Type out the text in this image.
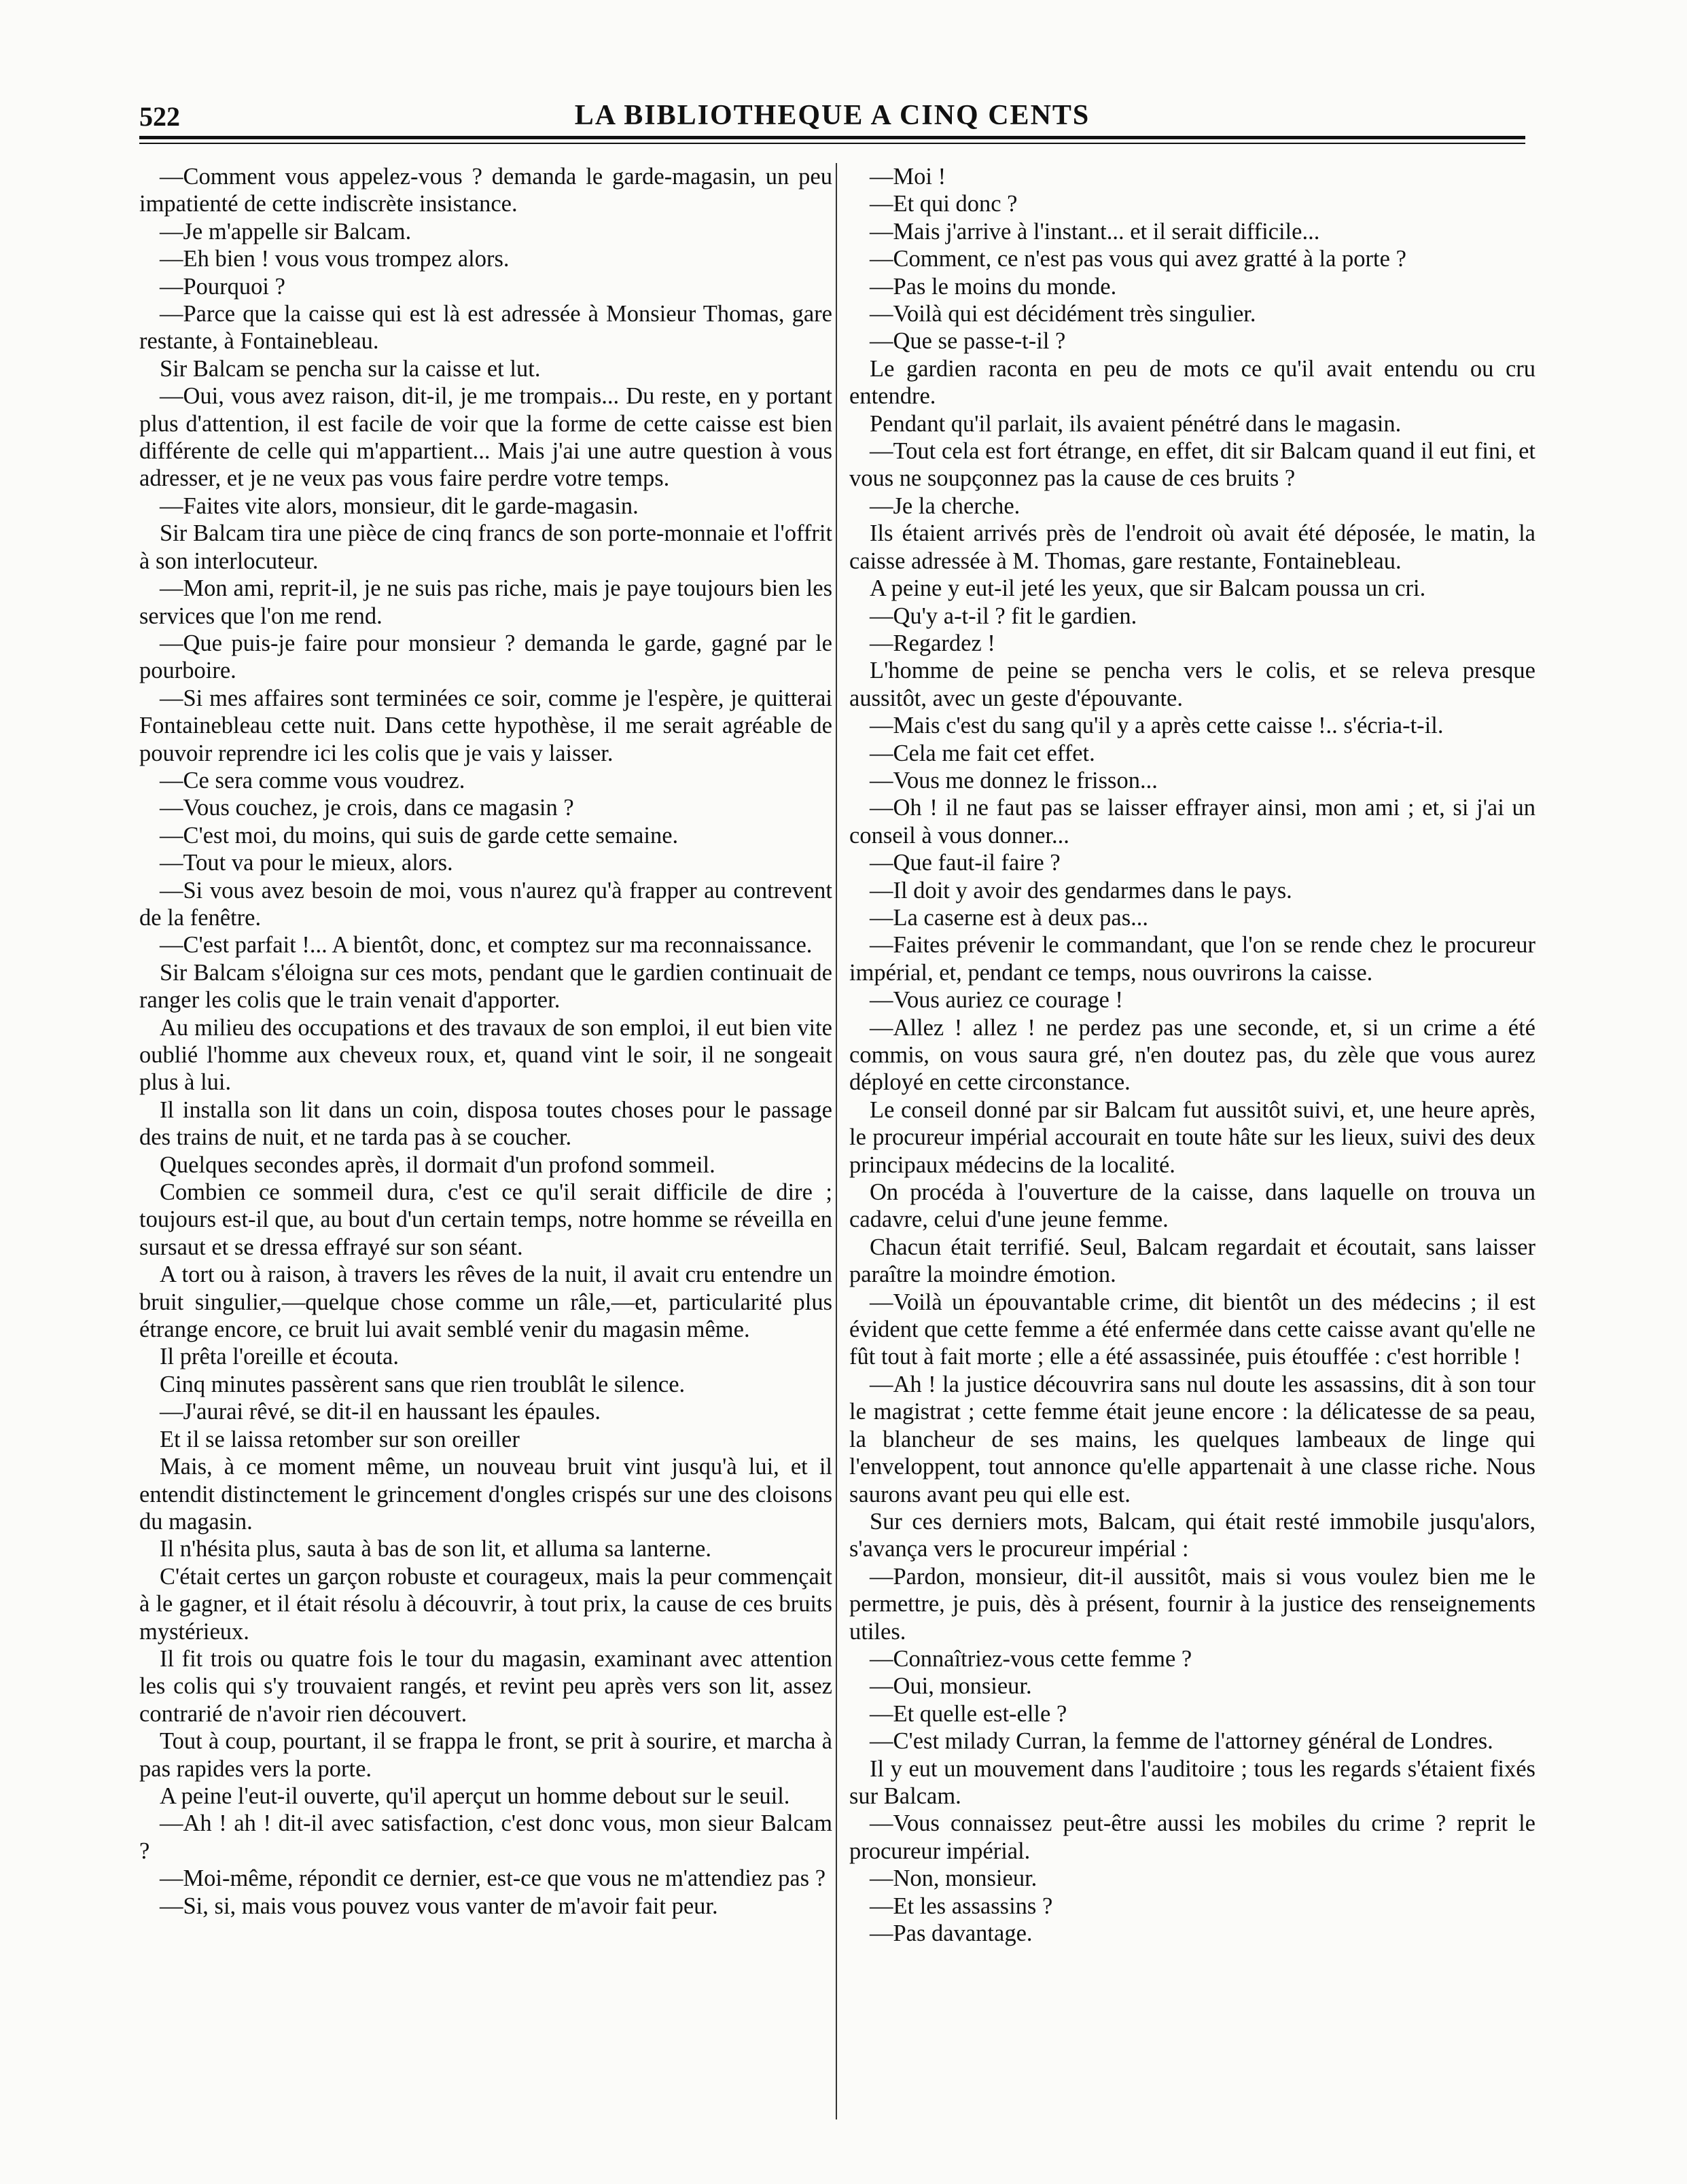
522	LA BIBLIOTHEQUE A CINQ CENTS

—Comment vous appelez-vous ? demanda le garde-magasin, un peu impatienté de cette indiscrète insistance.

—Je m'appelle sir Balcam.

—Eh bien ! vous vous trompez alors.

—Pourquoi ?

—Parce que la caisse qui est là est adressée à Monsieur Thomas, gare restante, à Fontainebleau.

Sir Balcam se pencha sur la caisse et lut.

—Oui, vous avez raison, dit-il, je me trompais... Du reste, en y portant plus d'attention, il est facile de voir que la forme de cette caisse est bien différente de celle qui m'appartient... Mais j'ai une autre question à vous adresser, et je ne veux pas vous faire perdre votre temps.

—Faites vite alors, monsieur, dit le garde-magasin.

Sir Balcam tira une pièce de cinq francs de son porte-monnaie et l'offrit à son interlocuteur.

—Mon ami, reprit-il, je ne suis pas riche, mais je paye toujours bien les services que l'on me rend.

—Que puis-je faire pour monsieur ? demanda le garde, gagné par le pourboire.

—Si mes affaires sont terminées ce soir, comme je l'espère, je quitterai Fontainebleau cette nuit. Dans cette hypothèse, il me serait agréable de pouvoir reprendre ici les colis que je vais y laisser.

—Ce sera comme vous voudrez.

—Vous couchez, je crois, dans ce magasin ?

—C'est moi, du moins, qui suis de garde cette semaine.

—Tout va pour le mieux, alors.

—Si vous avez besoin de moi, vous n'aurez qu'à frapper au contrevent de la fenêtre.

—C'est parfait !... A bientôt, donc, et comptez sur ma reconnaissance.

Sir Balcam s'éloigna sur ces mots, pendant que le gardien continuait de ranger les colis que le train venait d'apporter.

Au milieu des occupations et des travaux de son emploi, il eut bien vite oublié l'homme aux cheveux roux, et, quand vint le soir, il ne songeait plus à lui.

Il installa son lit dans un coin, disposa toutes choses pour le passage des trains de nuit, et ne tarda pas à se coucher.

Quelques secondes après, il dormait d'un profond sommeil.

Combien ce sommeil dura, c'est ce qu'il serait difficile de dire ; toujours est-il que, au bout d'un certain temps, notre homme se réveilla en sursaut et se dressa effrayé sur son séant.

A tort ou à raison, à travers les rêves de la nuit, il avait cru entendre un bruit singulier,—quelque chose comme un râle,—et, particularité plus étrange encore, ce bruit lui avait semblé venir du magasin même.

Il prêta l'oreille et écouta.

Cinq minutes passèrent sans que rien troublât le silence.

—J'aurai rêvé, se dit-il en haussant les épaules.

Et il se laissa retomber sur son oreiller

Mais, à ce moment même, un nouveau bruit vint jusqu'à lui, et il entendit distinctement le grincement d'ongles crispés sur une des cloisons du magasin.

Il n'hésita plus, sauta à bas de son lit, et alluma sa lanterne.

C'était certes un garçon robuste et courageux, mais la peur commençait à le gagner, et il était résolu à découvrir, à tout prix, la cause de ces bruits mystérieux.

Il fit trois ou quatre fois le tour du magasin, examinant avec attention les colis qui s'y trouvaient rangés, et revint peu après vers son lit, assez contrarié de n'avoir rien découvert.

Tout à coup, pourtant, il se frappa le front, se prit à sourire, et marcha à pas rapides vers la porte.

A peine l'eut-il ouverte, qu'il aperçut un homme debout sur le seuil.

—Ah ! ah ! dit-il avec satisfaction, c'est donc vous, mon sieur Balcam ?

—Moi-même, répondit ce dernier, est-ce que vous ne m'attendiez pas ?

—Si, si, mais vous pouvez vous vanter de m'avoir fait peur.

—Moi !

—Et qui donc ?

—Mais j'arrive à l'instant... et il serait difficile...

—Comment, ce n'est pas vous qui avez gratté à la porte ?

—Pas le moins du monde.

—Voilà qui est décidément très singulier.

—Que se passe-t-il ?

Le gardien raconta en peu de mots ce qu'il avait entendu ou cru entendre.

Pendant qu'il parlait, ils avaient pénétré dans le magasin.

—Tout cela est fort étrange, en effet, dit sir Balcam quand il eut fini, et vous ne soupçonnez pas la cause de ces bruits ?

—Je la cherche.

Ils étaient arrivés près de l'endroit où avait été déposée, le matin, la caisse adressée à M. Thomas, gare restante, Fontainebleau.

A peine y eut-il jeté les yeux, que sir Balcam poussa un cri.

—Qu'y a-t-il ? fit le gardien.

—Regardez !

L'homme de peine se pencha vers le colis, et se releva presque aussitôt, avec un geste d'épouvante.

—Mais c'est du sang qu'il y a après cette caisse !.. s'écria-t-il.

—Cela me fait cet effet.

—Vous me donnez le frisson...

—Oh ! il ne faut pas se laisser effrayer ainsi, mon ami ; et, si j'ai un conseil à vous donner...

—Que faut-il faire ?

—Il doit y avoir des gendarmes dans le pays.

—La caserne est à deux pas...

—Faites prévenir le commandant, que l'on se rende chez le procureur impérial, et, pendant ce temps, nous ouvrirons la caisse.

—Vous auriez ce courage !

—Allez ! allez ! ne perdez pas une seconde, et, si un crime a été commis, on vous saura gré, n'en doutez pas, du zèle que vous aurez déployé en cette circonstance.

Le conseil donné par sir Balcam fut aussitôt suivi, et, une heure après, le procureur impérial accourait en toute hâte sur les lieux, suivi des deux principaux médecins de la localité.

On procéda à l'ouverture de la caisse, dans laquelle on trouva un cadavre, celui d'une jeune femme.

Chacun était terrifié. Seul, Balcam regardait et écoutait, sans laisser paraître la moindre émotion.

—Voilà un épouvantable crime, dit bientôt un des médecins ; il est évident que cette femme a été enfermée dans cette caisse avant qu'elle ne fût tout à fait morte ; elle a été assassinée, puis étouffée : c'est horrible !

—Ah ! la justice découvrira sans nul doute les assassins, dit à son tour le magistrat ; cette femme était jeune encore : la délicatesse de sa peau, la blancheur de ses mains, les quelques lambeaux de linge qui l'enveloppent, tout annonce qu'elle appartenait à une classe riche. Nous saurons avant peu qui elle est.

Sur ces derniers mots, Balcam, qui était resté immobile jusqu'alors, s'avança vers le procureur impérial :

—Pardon, monsieur, dit-il aussitôt, mais si vous voulez bien me le permettre, je puis, dès à présent, fournir à la justice des renseignements utiles.

—Connaîtriez-vous cette femme ?

—Oui, monsieur.

—Et quelle est-elle ?

—C'est milady Curran, la femme de l'attorney général de Londres.

Il y eut un mouvement dans l'auditoire ; tous les regards s'étaient fixés sur Balcam.

—Vous connaissez peut-être aussi les mobiles du crime ? reprit le procureur impérial.

—Non, monsieur.

—Et les assassins ?

—Pas davantage.
